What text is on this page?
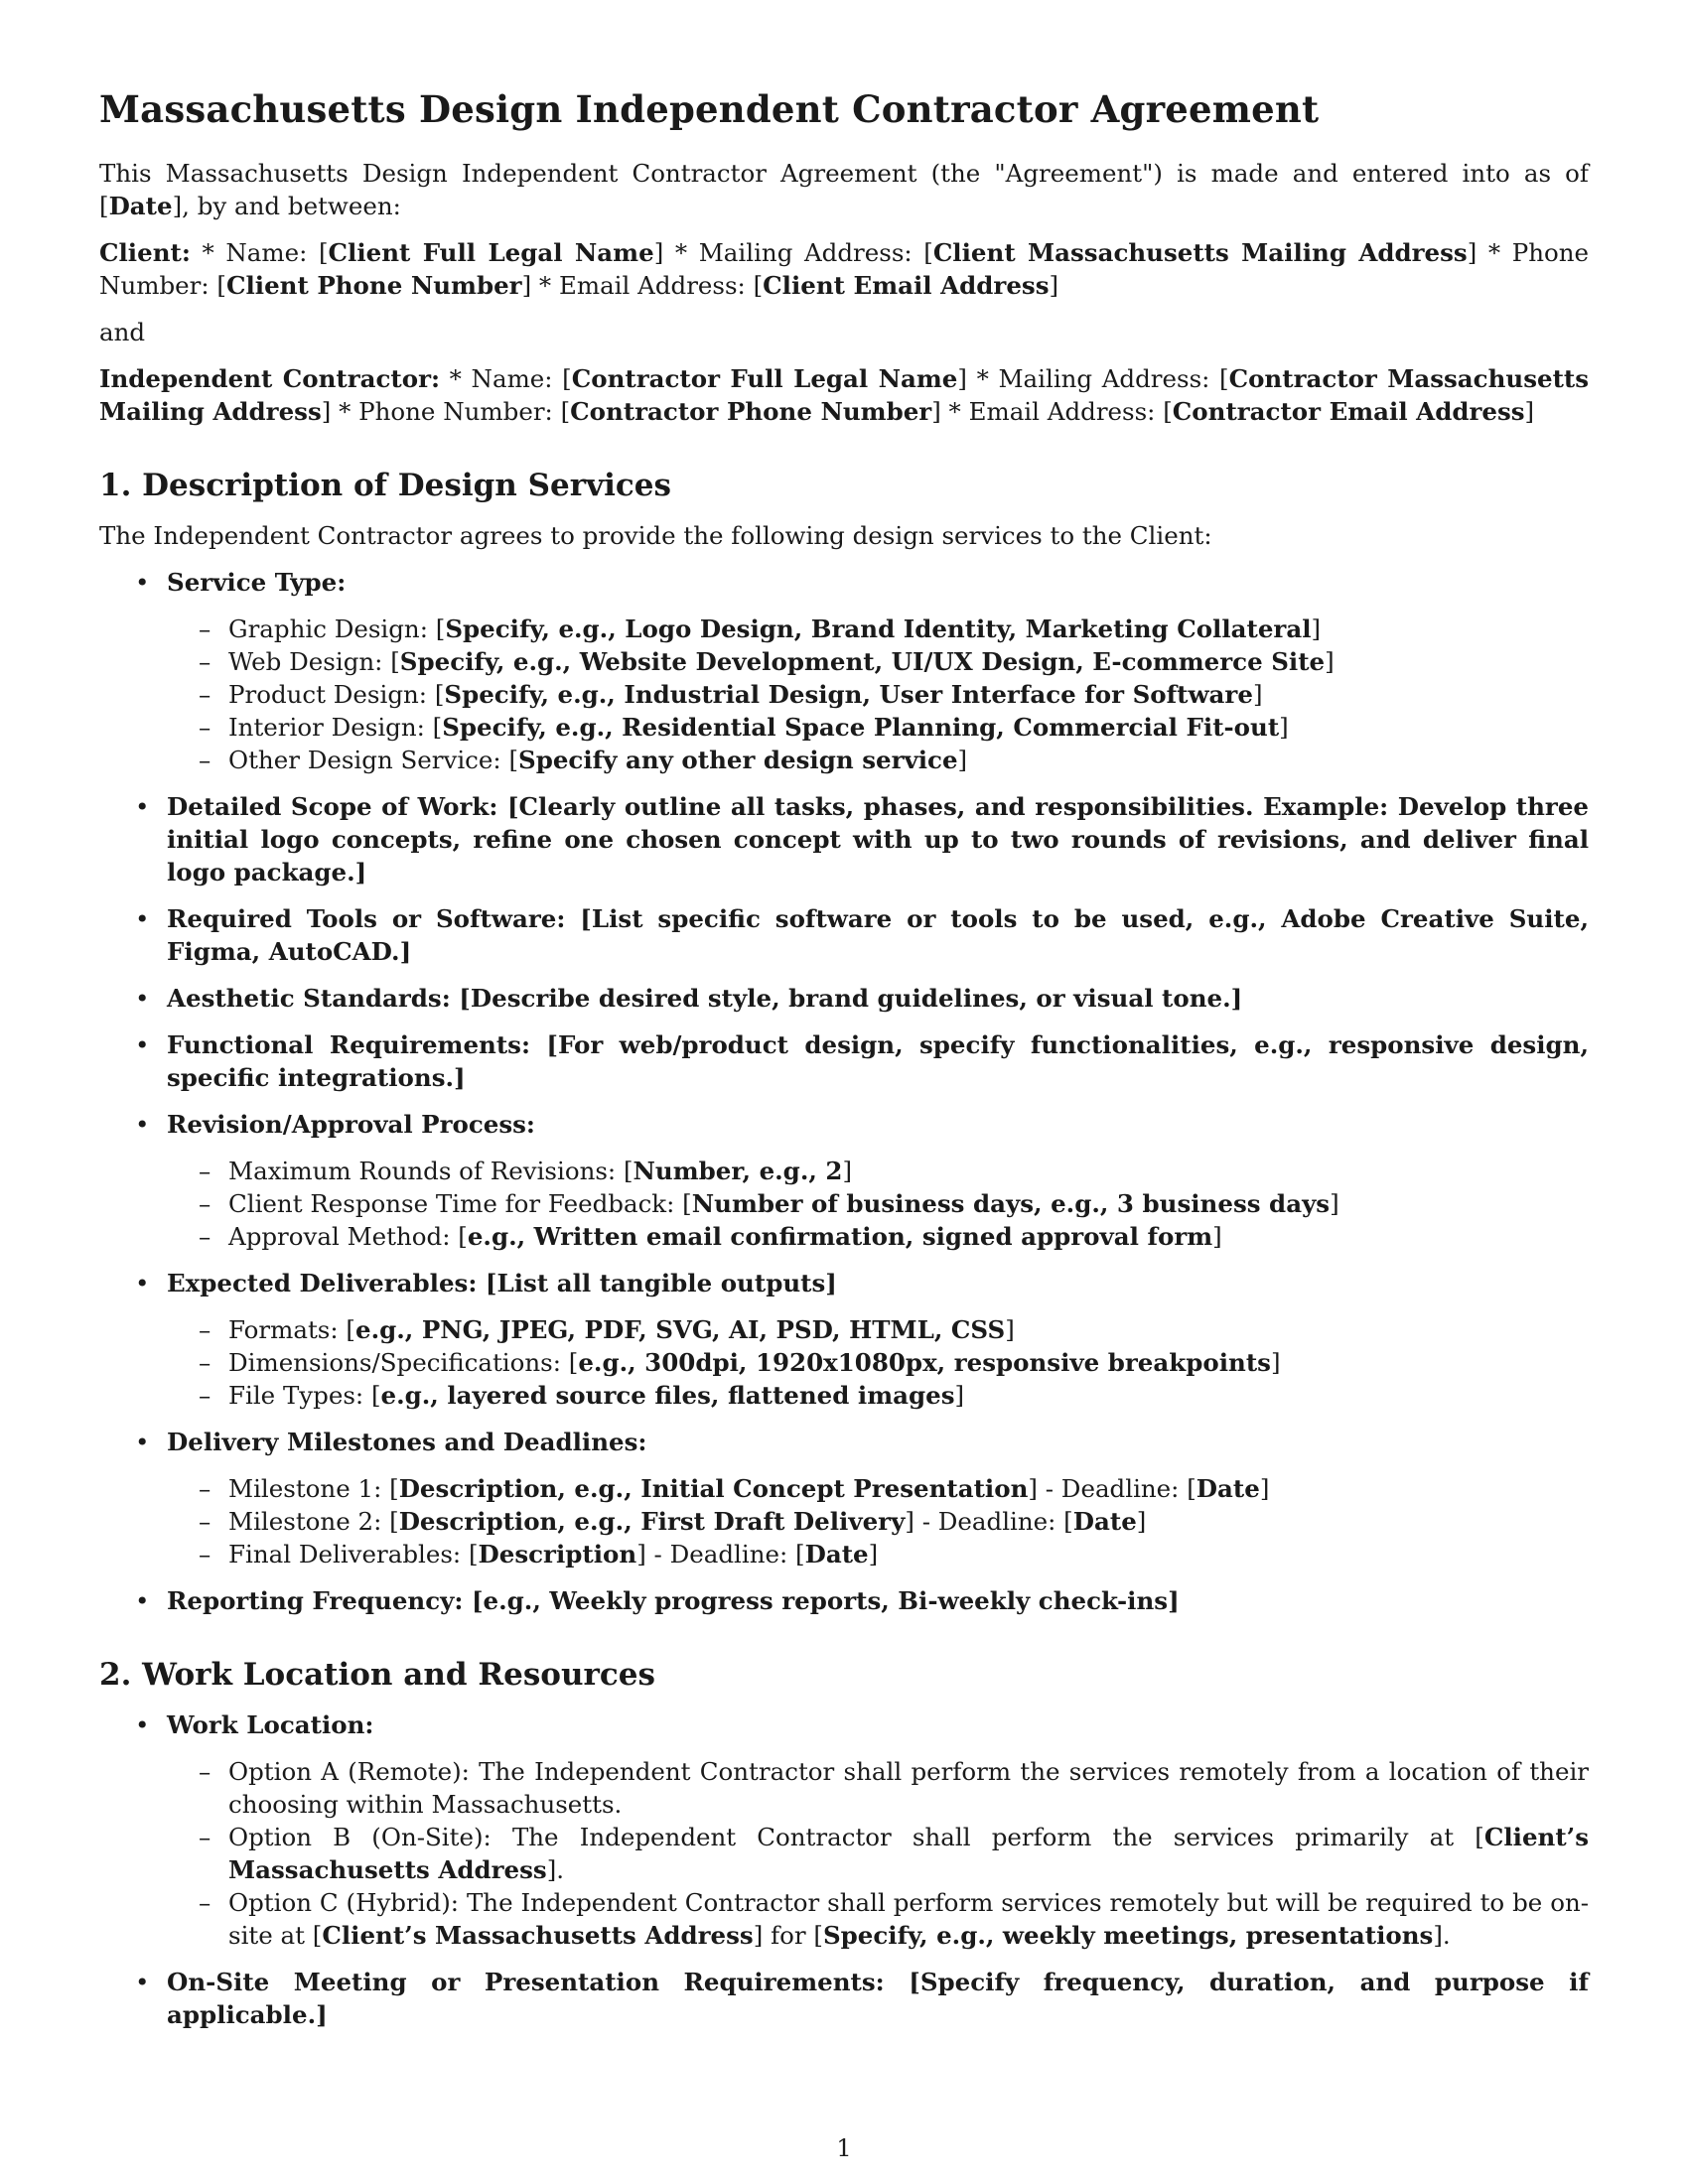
Massachusetts Design Independent Contractor Agreement

This Massachusetts Design Independent Contractor Agreement (the "Agreement") is made and entered into as of [Date], by and between:

Client: * Name: [Client Full Legal Name] * Mailing Address: [Client Massachusetts Mailing Address] * Phone Number: [Client Phone Number] * Email Address: [Client Email Address]

and

Independent Contractor: * Name: [Contractor Full Legal Name] * Mailing Address: [Contractor Massachusetts Mailing Address] * Phone Number: [Contractor Phone Number] * Email Address: [Contractor Email Address]

1. Description of Design Services

The Independent Contractor agrees to provide the following design services to the Client:

• Service Type:
– Graphic Design: [Specify, e.g., Logo Design, Brand Identity, Marketing Collateral]
– Web Design: [Specify, e.g., Website Development, UI/UX Design, E-commerce Site]
– Product Design: [Specify, e.g., Industrial Design, User Interface for Software]
– Interior Design: [Specify, e.g., Residential Space Planning, Commercial Fit-out]
– Other Design Service: [Specify any other design service]
• Detailed Scope of Work: [Clearly outline all tasks, phases, and responsibilities. Example: Develop three initial logo concepts, refine one chosen concept with up to two rounds of revisions, and deliver final logo package.]
• Required Tools or Software: [List specific software or tools to be used, e.g., Adobe Creative Suite, Figma, AutoCAD.]
• Aesthetic Standards: [Describe desired style, brand guidelines, or visual tone.]
• Functional Requirements: [For web/product design, specify functionalities, e.g., responsive design, specific integrations.]
• Revision/Approval Process:
– Maximum Rounds of Revisions: [Number, e.g., 2]
– Client Response Time for Feedback: [Number of business days, e.g., 3 business days]
– Approval Method: [e.g., Written email confirmation, signed approval form]
• Expected Deliverables: [List all tangible outputs]
– Formats: [e.g., PNG, JPEG, PDF, SVG, AI, PSD, HTML, CSS]
– Dimensions/Specifications: [e.g., 300dpi, 1920x1080px, responsive breakpoints]
– File Types: [e.g., layered source files, flattened images]
• Delivery Milestones and Deadlines:
– Milestone 1: [Description, e.g., Initial Concept Presentation] - Deadline: [Date]
– Milestone 2: [Description, e.g., First Draft Delivery] - Deadline: [Date]
– Final Deliverables: [Description] - Deadline: [Date]
• Reporting Frequency: [e.g., Weekly progress reports, Bi-weekly check-ins]
2. Work Location and Resources
• Work Location:
– Option A (Remote): The Independent Contractor shall perform the services remotely from a location of their choosing within Massachusetts.
– Option B (On-Site): The Independent Contractor shall perform the services primarily at [Client’s Massachusetts Address].
– Option C (Hybrid): The Independent Contractor shall perform services remotely but will be required to be on-site at [Client’s Massachusetts Address] for [Specify, e.g., weekly meetings, presentations].
• On-Site Meeting or Presentation Requirements: [Specify frequency, duration, and purpose if applicable.]
1
